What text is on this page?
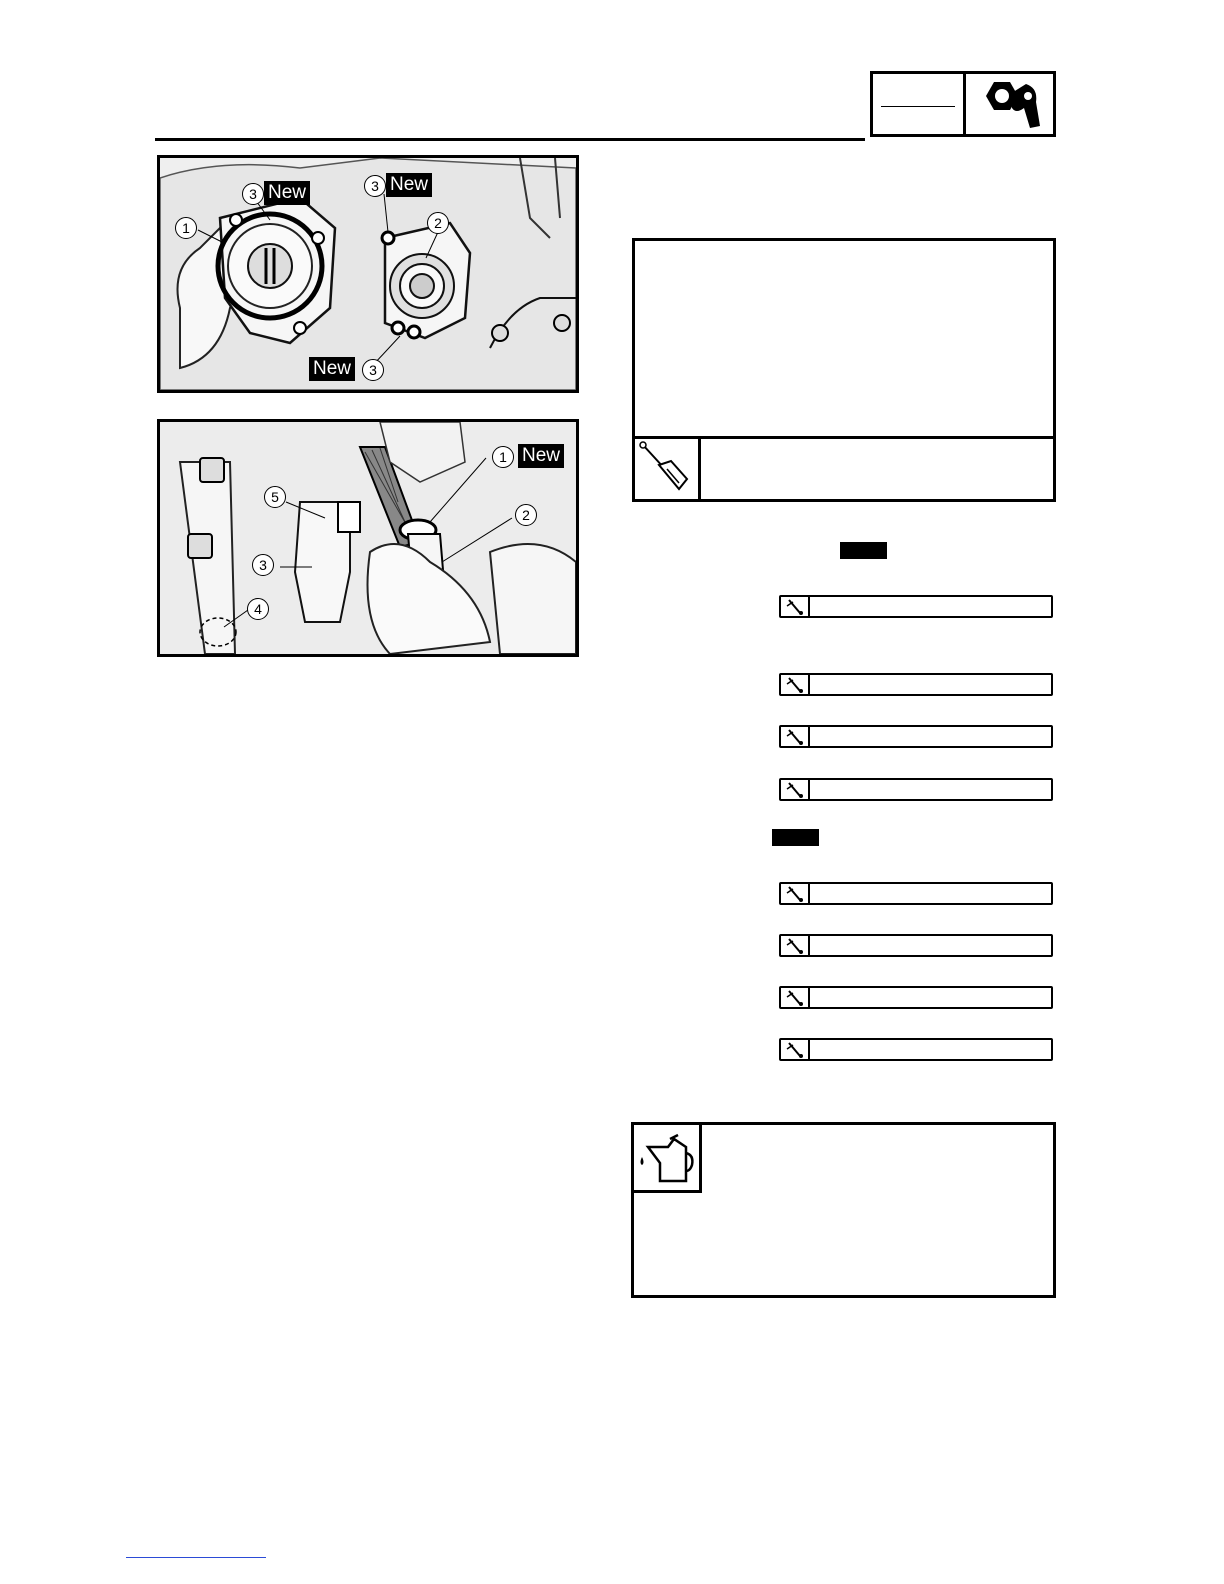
New	New
New
1	2
3	3
3
New
1
2
3
4
5
